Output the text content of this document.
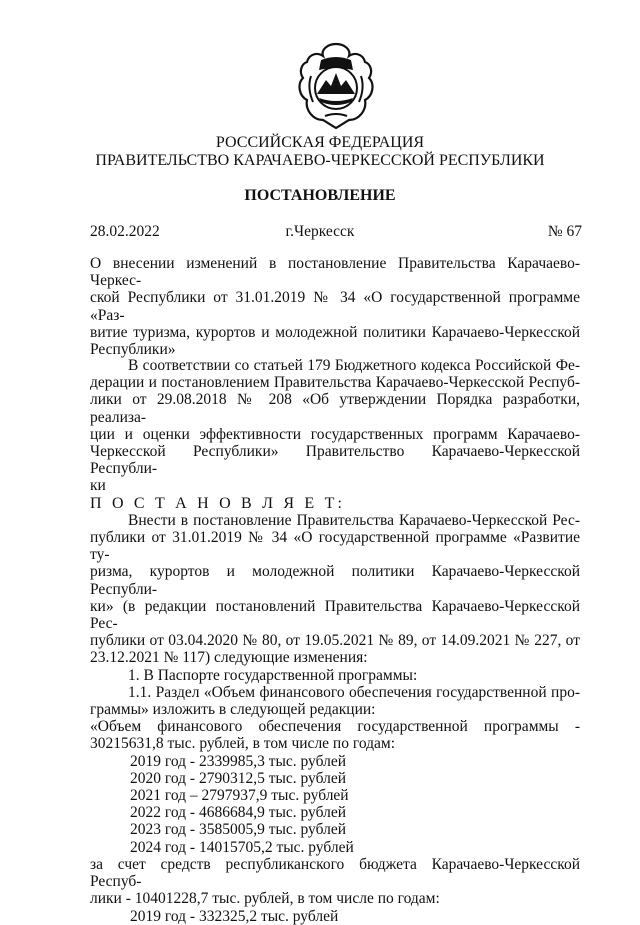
РОССИЙСКАЯ ФЕДЕРАЦИЯ
ПРАВИТЕЛЬСТВО КАРАЧАЕВО-ЧЕРКЕССКОЙ РЕСПУБЛИКИ
ПОСТАНОВЛЕНИЕ
28.02.2022	г.Черкесск	№ 67

О внесении изменений в постановление Правительства Карачаево-Черкес-

ской Республики от 31.01.2019 № 34 «О государственной программе «Раз-

витие туризма, курортов и молодежной политики Карачаево-Черкесской

Республики»

В соответствии со статьей 179 Бюджетного кодекса Российской Фе-

дерации и постановлением Правительства Карачаево-Черкесской Респуб-

лики от 29.08.2018 № 208 «Об утверждении Порядка разработки, реализа-

ции и оценки эффективности государственных программ Карачаево-

Черкесской Республики» Правительство Карачаево-Черкесской Республи-

ки

П О С Т А Н О В Л Я Е Т:

Внести в постановление Правительства Карачаево-Черкесской Рес-

публики от 31.01.2019 № 34 «О государственной программе «Развитие ту-

ризма, курортов и молодежной политики Карачаево-Черкесской Республи-

ки» (в редакции постановлений Правительства Карачаево-Черкесской Рес-

публики от 03.04.2020 № 80, от 19.05.2021 № 89, от 14.09.2021 № 227, от

23.12.2021 № 117) следующие изменения:

1. В Паспорте государственной программы:

1.1. Раздел «Объем финансового обеспечения государственной про-

граммы» изложить в следующей редакции:

«Объем финансового обеспечения государственной программы -

30215631,8 тыс. рублей, в том числе по годам:

2019 год - 2339985,3 тыс. рублей

2020 год - 2790312,5 тыс. рублей

2021 год – 2797937,9 тыс. рублей

2022 год - 4686684,9 тыс. рублей

2023 год - 3585005,9 тыс. рублей

2024 год - 14015705,2 тыс. рублей

за счет средств республиканского бюджета Карачаево-Черкесской Респуб-

лики - 10401228,7 тыс. рублей, в том числе по годам:

2019 год - 332325,2 тыс. рублей
